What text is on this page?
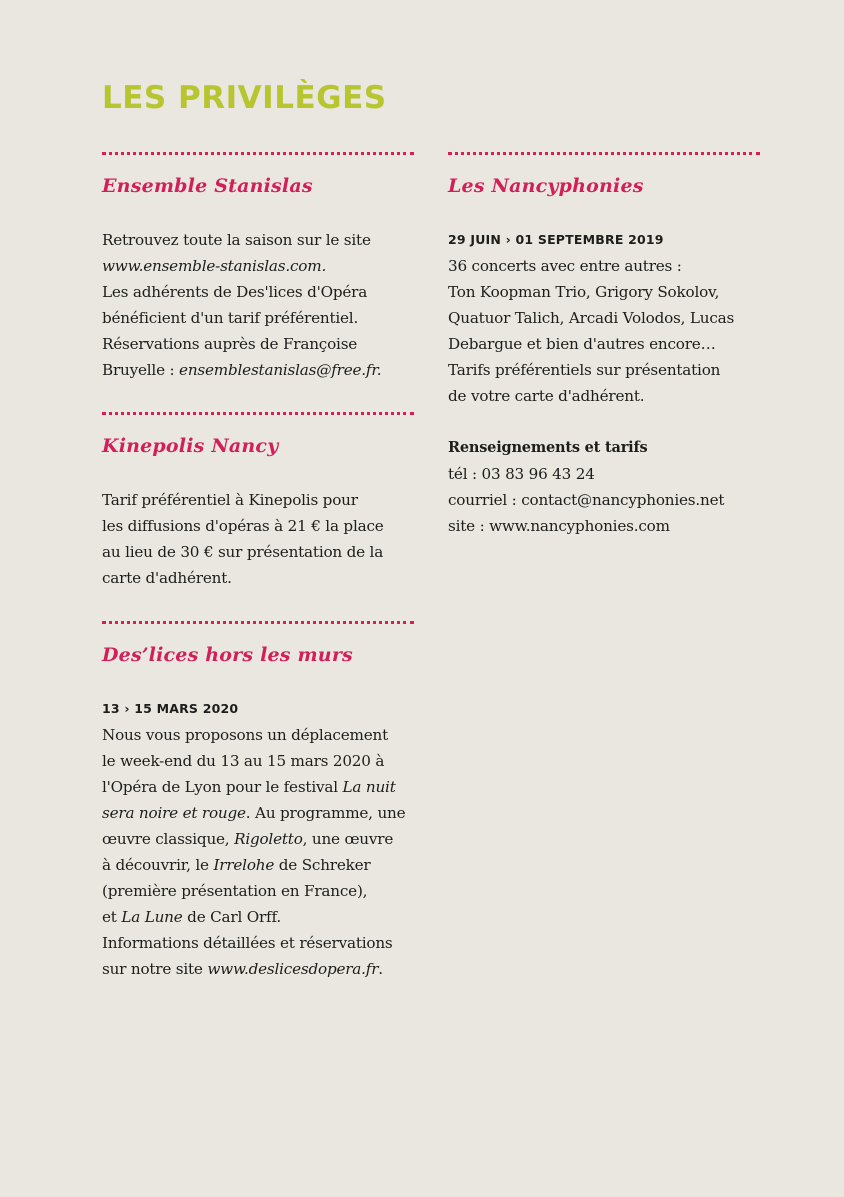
LES PRIVILÈGES
Ensemble Stanislas
Retrouvez toute la saison sur le site
www.ensemble-stanislas.com.
Les adhérents de Des'lices d'Opéra
bénéficient d'un tarif préférentiel.
Réservations auprès de Françoise
Bruyelle : ensemblestanislas@free.fr.
Kinepolis Nancy
Tarif préférentiel à Kinepolis pour
les diffusions d'opéras à 21 € la place
au lieu de 30 € sur présentation de la
carte d'adhérent.
Des’lices hors les murs
13 › 15 MARS 2020
Nous vous proposons un déplacement
le week-end du 13 au 15 mars 2020 à
l'Opéra de Lyon pour le festival La nuit
sera noire et rouge. Au programme, une
œuvre classique, Rigoletto, une œuvre
à découvrir, le Irrelohe de Schreker
(première présentation en France),
et La Lune de Carl Orff.
Informations détaillées et réservations
sur notre site www.deslicesdopera.fr.
Les Nancyphonies
29 JUIN › 01 SEPTEMBRE 2019
36 concerts avec entre autres :
Ton Koopman Trio, Grigory Sokolov,
Quatuor Talich, Arcadi Volodos, Lucas
Debargue et bien d'autres encore…
Tarifs préférentiels sur présentation
de votre carte d'adhérent.
Renseignements et tarifs
tél : 03 83 96 43 24
courriel : contact@nancyphonies.net
site : www.nancyphonies.com
